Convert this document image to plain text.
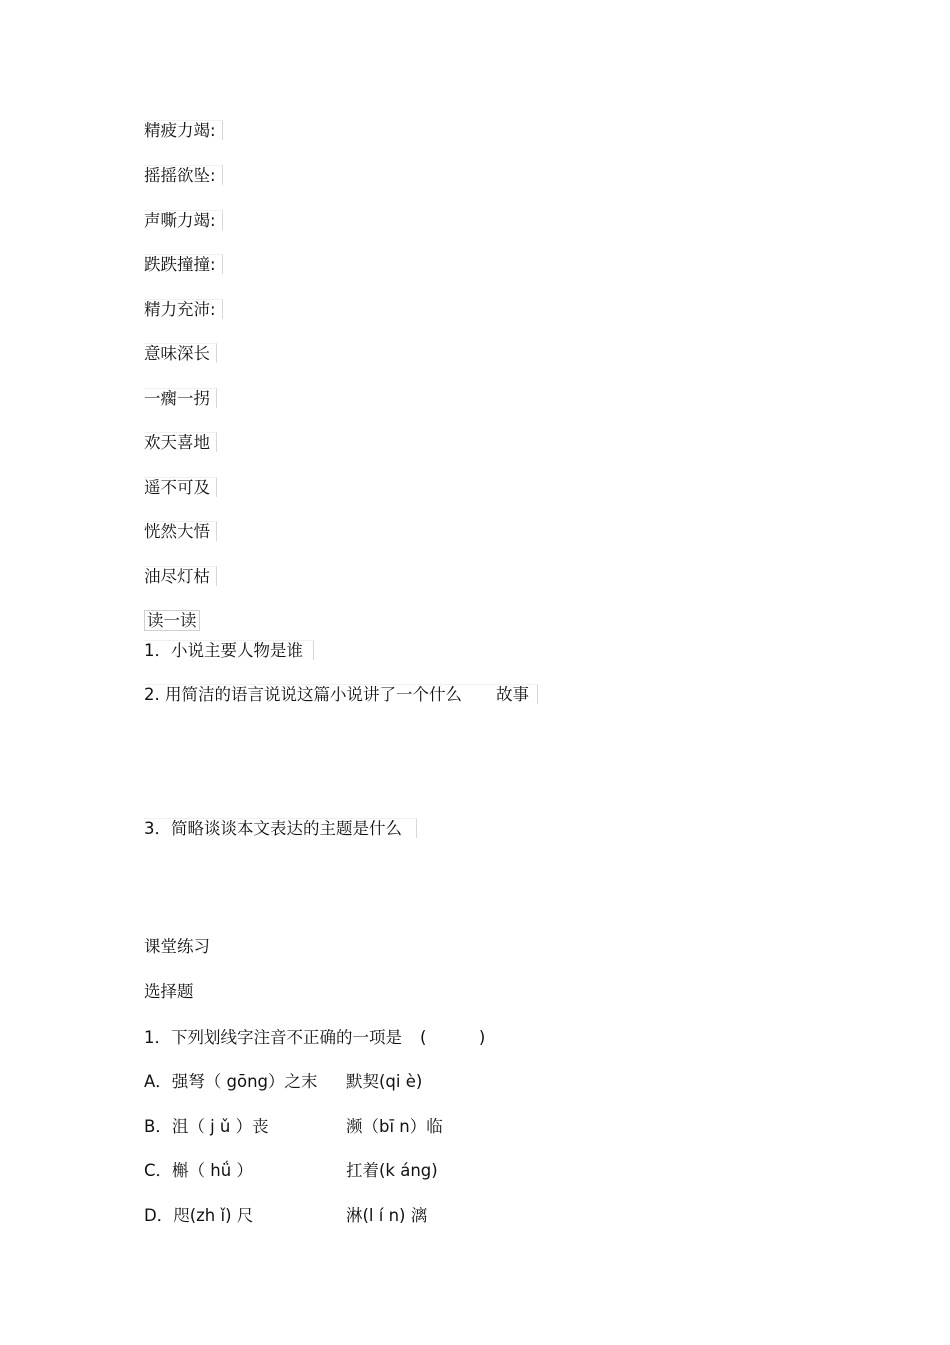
精疲力竭:
摇摇欲坠:
声嘶力竭:
跌跌撞撞:
精力充沛:
意味深长
一瘸一拐
欢天喜地
遥不可及
恍然大悟
油尽灯枯
读一读
1．小说主要人物是谁
2. 用简洁的语言说说这篇小说讲了一个什么 故事
3．简略谈谈本文表达的主题是什么
课堂练习
选择题
1．下列划线字注音不正确的一项是 (          )
A．强弩（ gōng）之末 默契(qi è)
B．沮（ j ǔ ）丧	濒（bī n）临
C．槲（ hǘ ）	扛着(k áng)
D．咫(zh ǐ) 尺	淋(l í n) 漓
